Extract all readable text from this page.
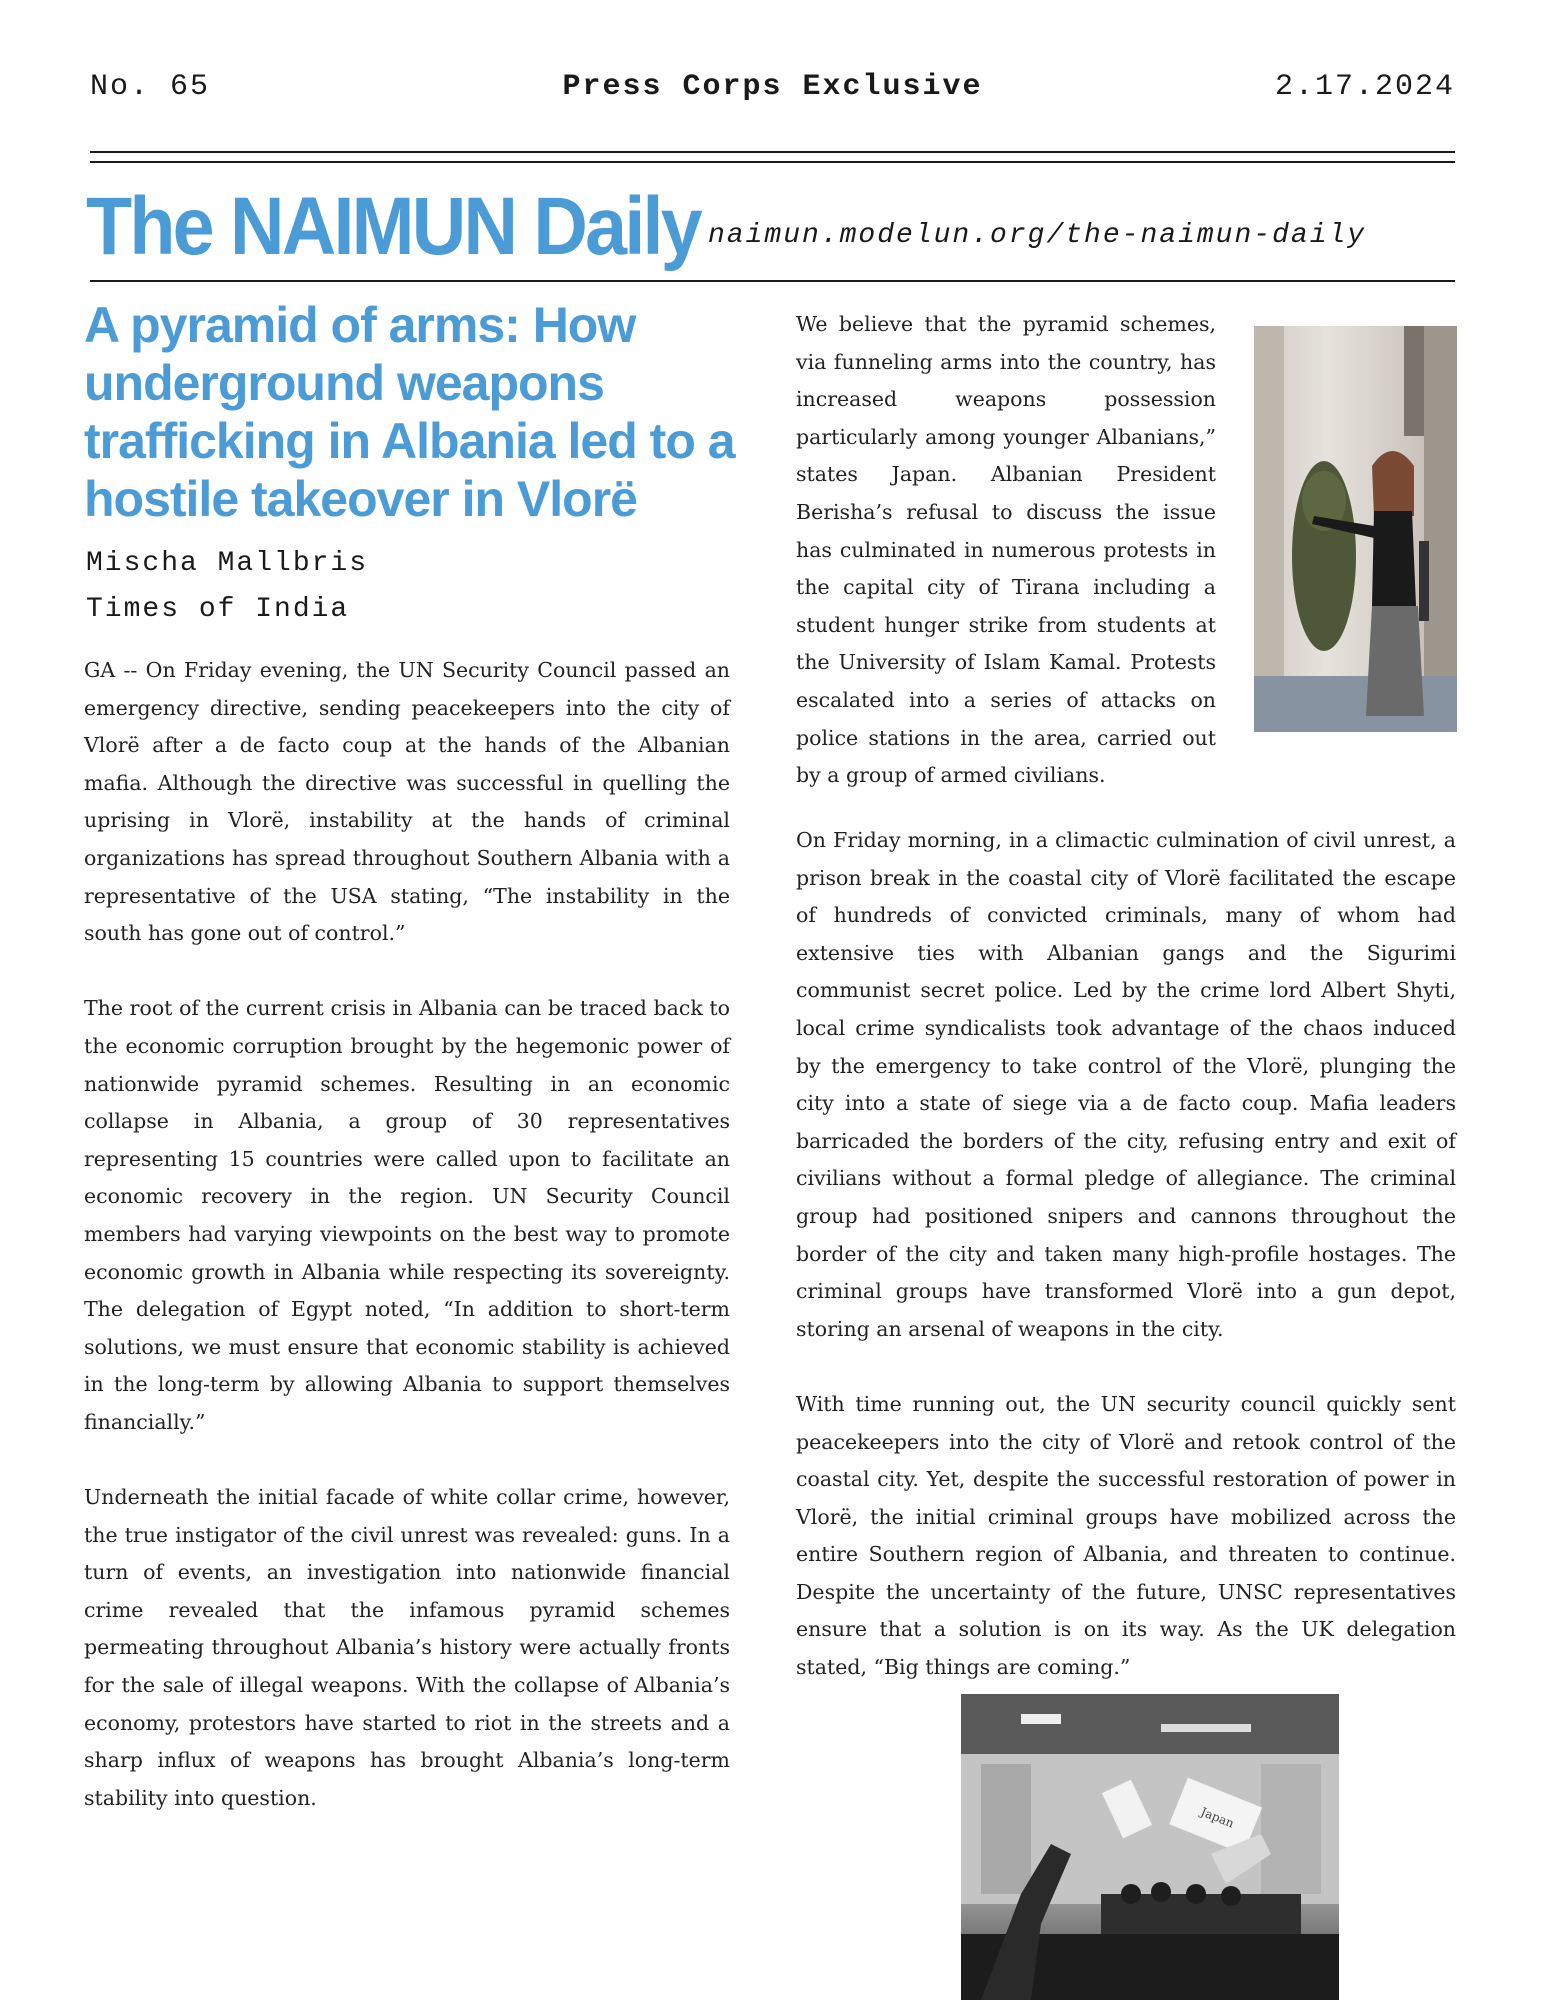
No. 65	Press Corps Exclusive	2.17.2024
The NAIMUN Daily naimun.modelun.org/the-naimun-daily
A pyramid of arms: How underground weapons trafficking in Albania led to a hostile takeover in Vlorë
Mischa Mallbris
Times of India

GA -- On Friday evening, the UN Security Council passed an emergency directive, sending peacekeepers into the city of Vlorë after a de facto coup at the hands of the Albanian mafia. Although the directive was successful in quelling the uprising in Vlorë, instability at the hands of criminal organizations has spread throughout Southern Albania with a representative of the USA stating, “The instability in the south has gone out of control.”

The root of the current crisis in Albania can be traced back to the economic corruption brought by the hegemonic power of nationwide pyramid schemes. Resulting in an economic collapse in Albania, a group of 30 representatives representing 15 countries were called upon to facilitate an economic recovery in the region. UN Security Council members had varying viewpoints on the best way to promote economic growth in Albania while respecting its sovereignty. The delegation of Egypt noted, “In addition to short-term solutions, we must ensure that economic stability is achieved in the long-term by allowing Albania to support themselves financially.”

Underneath the initial facade of white collar crime, however, the true instigator of the civil unrest was revealed: guns. In a turn of events, an investigation into nationwide financial crime revealed that the infamous pyramid schemes permeating throughout Albania’s history were actually fronts for the sale of illegal weapons. With the collapse of Albania’s economy, protestors have started to riot in the streets and a sharp influx of weapons has brought Albania’s long-term stability into question.

We believe that the pyramid schemes, via funneling arms into the country, has increased weapons possession particularly among younger Albanians,” states Japan. Albanian President Berisha’s refusal to discuss the issue has culminated in numerous protests in the capital city of Tirana including a student hunger strike from students at the University of Islam Kamal. Protests escalated into a series of attacks on police stations in the area, carried out by a group of armed civilians.

On Friday morning, in a climactic culmination of civil unrest, a prison break in the coastal city of Vlorë facilitated the escape of hundreds of convicted criminals, many of whom had extensive ties with Albanian gangs and the Sigurimi communist secret police. Led by the crime lord Albert Shyti, local crime syndicalists took advantage of the chaos induced by the emergency to take control of the Vlorë, plunging the city into a state of siege via a de facto coup. Mafia leaders barricaded the borders of the city, refusing entry and exit of civilians without a formal pledge of allegiance. The criminal group had positioned snipers and cannons throughout the border of the city and taken many high-profile hostages. The criminal groups have transformed Vlorë into a gun depot, storing an arsenal of weapons in the city.

With time running out, the UN security council quickly sent peacekeepers into the city of Vlorë and retook control of the coastal city. Yet, despite the successful restoration of power in Vlorë, the initial criminal groups have mobilized across the entire Southern region of Albania, and threaten to continue. Despite the uncertainty of the future, UNSC representatives ensure that a solution is on its way. As the UK delegation stated, “Big things are coming.”

Japan
